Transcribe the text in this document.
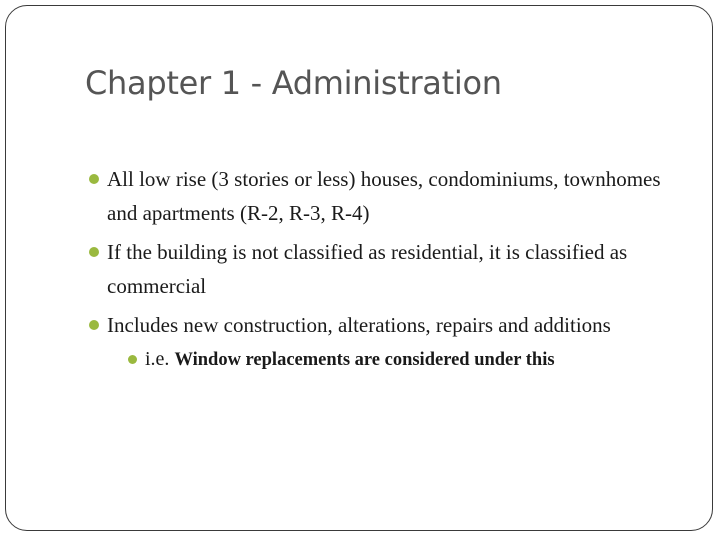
Chapter 1 - Administration
All low rise (3 stories or less) houses, condominiums, townhomes and apartments (R-2, R-3, R-4)
If the building is not classified as residential, it is classified as commercial
Includes new construction, alterations, repairs and additions
i.e. Window replacements are considered under this
